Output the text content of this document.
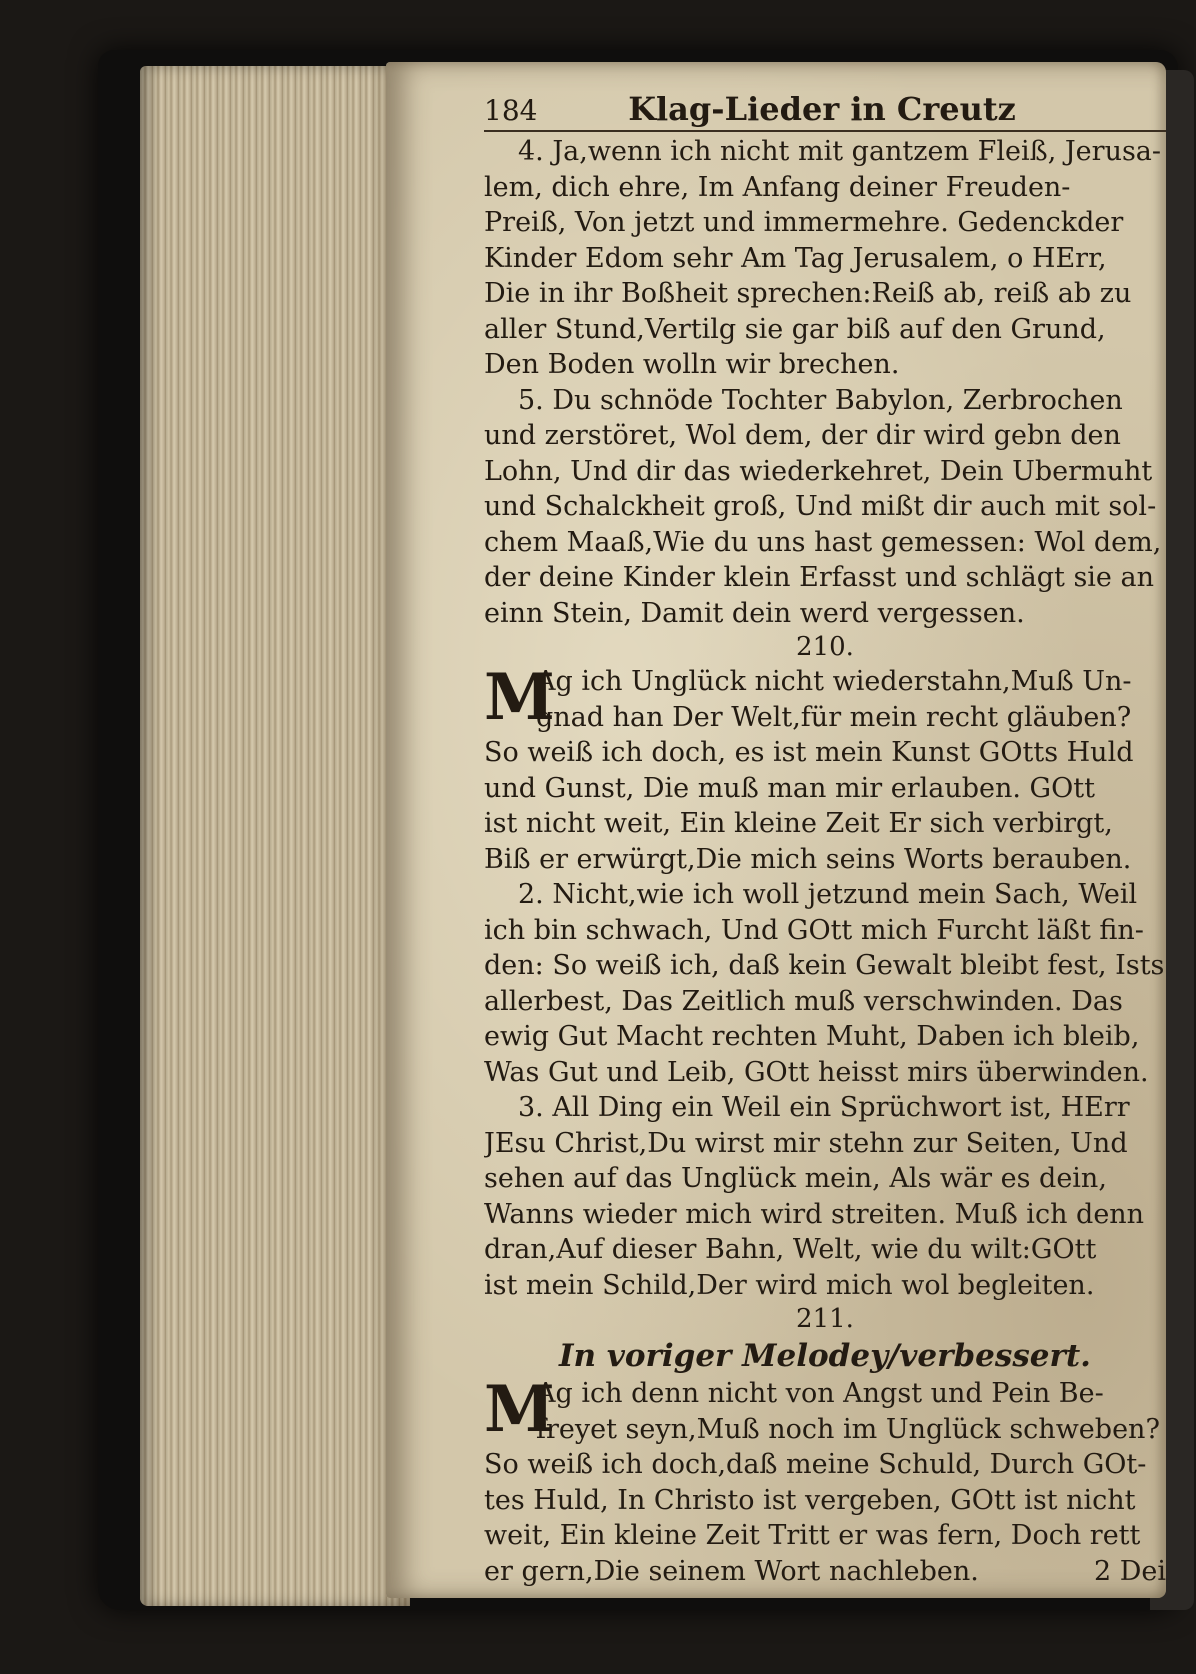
184	Klag-Lieder in Creutz
4. Ja,wenn ich nicht mit gantzem Fleiß, Jerusa-
lem, dich ehre, Im Anfang deiner Freuden-
Preiß, Von jetzt und immermehre. Gedenckder
Kinder Edom sehr Am Tag Jerusalem, o HErr,
Die in ihr Boßheit sprechen:Reiß ab, reiß ab zu
aller Stund,Vertilg sie gar biß auf den Grund,
Den Boden wolln wir brechen.
5. Du schnöde Tochter Babylon, Zerbrochen
und zerstöret, Wol dem, der dir wird gebn den
Lohn, Und dir das wiederkehret, Dein Ubermuht
und Schalckheit groß, Und mißt dir auch mit sol-
chem Maaß,Wie du uns hast gemessen: Wol dem,
der deine Kinder klein Erfasst und schlägt sie an
einn Stein, Damit dein werd vergessen.
210.
M
Ag ich Unglück nicht wiederstahn,Muß Un-
gnad han Der Welt,für mein recht gläuben?
So weiß ich doch, es ist mein Kunst GOtts Huld
und Gunst, Die muß man mir erlauben. GOtt
ist nicht weit, Ein kleine Zeit Er sich verbirgt,
Biß er erwürgt,Die mich seins Worts berauben.
2. Nicht,wie ich woll jetzund mein Sach, Weil
ich bin schwach, Und GOtt mich Furcht läßt fin-
den: So weiß ich, daß kein Gewalt bleibt fest, Ists
allerbest, Das Zeitlich muß verschwinden. Das
ewig Gut Macht rechten Muht, Daben ich bleib,
Was Gut und Leib, GOtt heisst mirs überwinden.
3. All Ding ein Weil ein Sprüchwort ist, HErr
JEsu Christ,Du wirst mir stehn zur Seiten, Und
sehen auf das Unglück mein, Als wär es dein,
Wanns wieder mich wird streiten. Muß ich denn
dran,Auf dieser Bahn, Welt, wie du wilt:GOtt
ist mein Schild,Der wird mich wol begleiten.
211.
In voriger Melodey/verbessert.
M
Ag ich denn nicht von Angst und Pein Be-
freyet seyn,Muß noch im Unglück schweben?
So weiß ich doch,daß meine Schuld, Durch GOt-
tes Huld, In Christo ist vergeben, GOtt ist nicht
weit, Ein kleine Zeit Tritt er was fern, Doch rett
er gern,Die seinem Wort nachleben.	2 Dei
